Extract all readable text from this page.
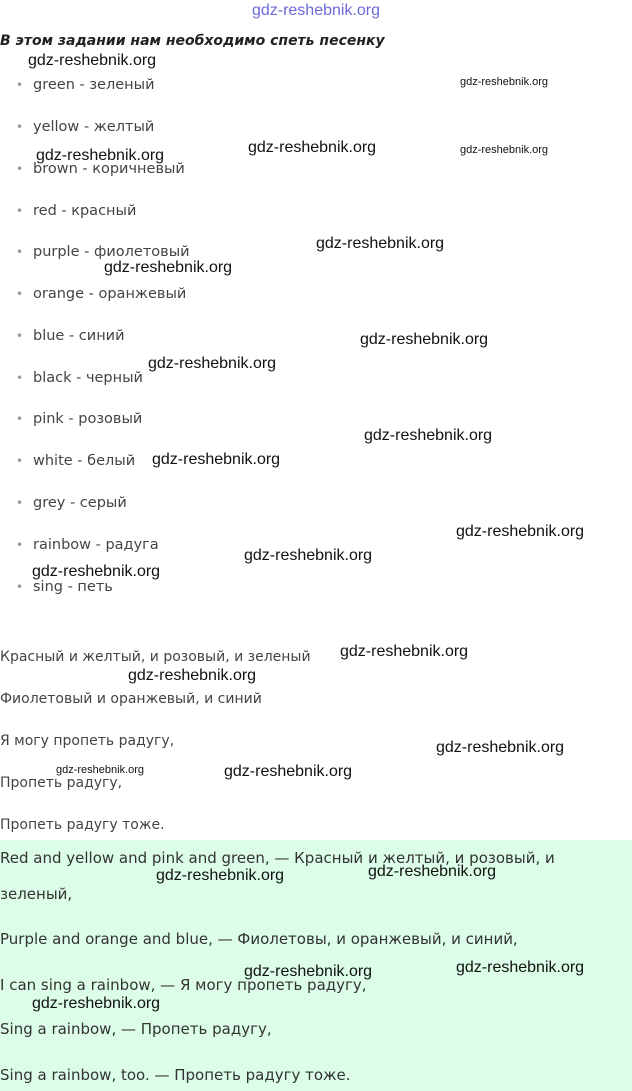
gdz-reshebnik.org
В этом задании нам необходимо спеть песенку
• green - зеленый
• yellow - желтый
• brown - коричневый
• red - красный
• purple - фиолетовый
• orange - оранжевый
• blue - синий
• black - черный
• pink - розовый
• white - белый
• grey - серый
• rainbow - радуга
• sing - петь
Красный и желтый, и розовый, и зеленый
Фиолетовый и оранжевый, и синий
Я могу пропеть радугу,
Пропеть радугу,
Пропеть радугу тоже.
Red and yellow and pink and green, — Красный и желтый, и розовый, и
зеленый,
Purple and orange and blue, — Фиолетовы, и оранжевый, и синий,
I can sing a rainbow, — Я могу пропеть радугу,
Sing a rainbow, — Пропеть радугу,
Sing a rainbow, too. — Пропеть радугу тоже.
gdz-reshebnik.org
gdz-reshebnik.org
gdz-reshebnik.org	gdz-reshebnik.org
gdz-reshebnik.org
gdz-reshebnik.org
gdz-reshebnik.org
gdz-reshebnik.org
gdz-reshebnik.org
gdz-reshebnik.org
gdz-reshebnik.org
gdz-reshebnik.org
gdz-reshebnik.org
gdz-reshebnik.org
gdz-reshebnik.org
gdz-reshebnik.org
gdz-reshebnik.org
gdz-reshebnik.org	gdz-reshebnik.org
gdz-reshebnik.org
gdz-reshebnik.org
gdz-reshebnik.org
gdz-reshebnik.org
gdz-reshebnik.org
